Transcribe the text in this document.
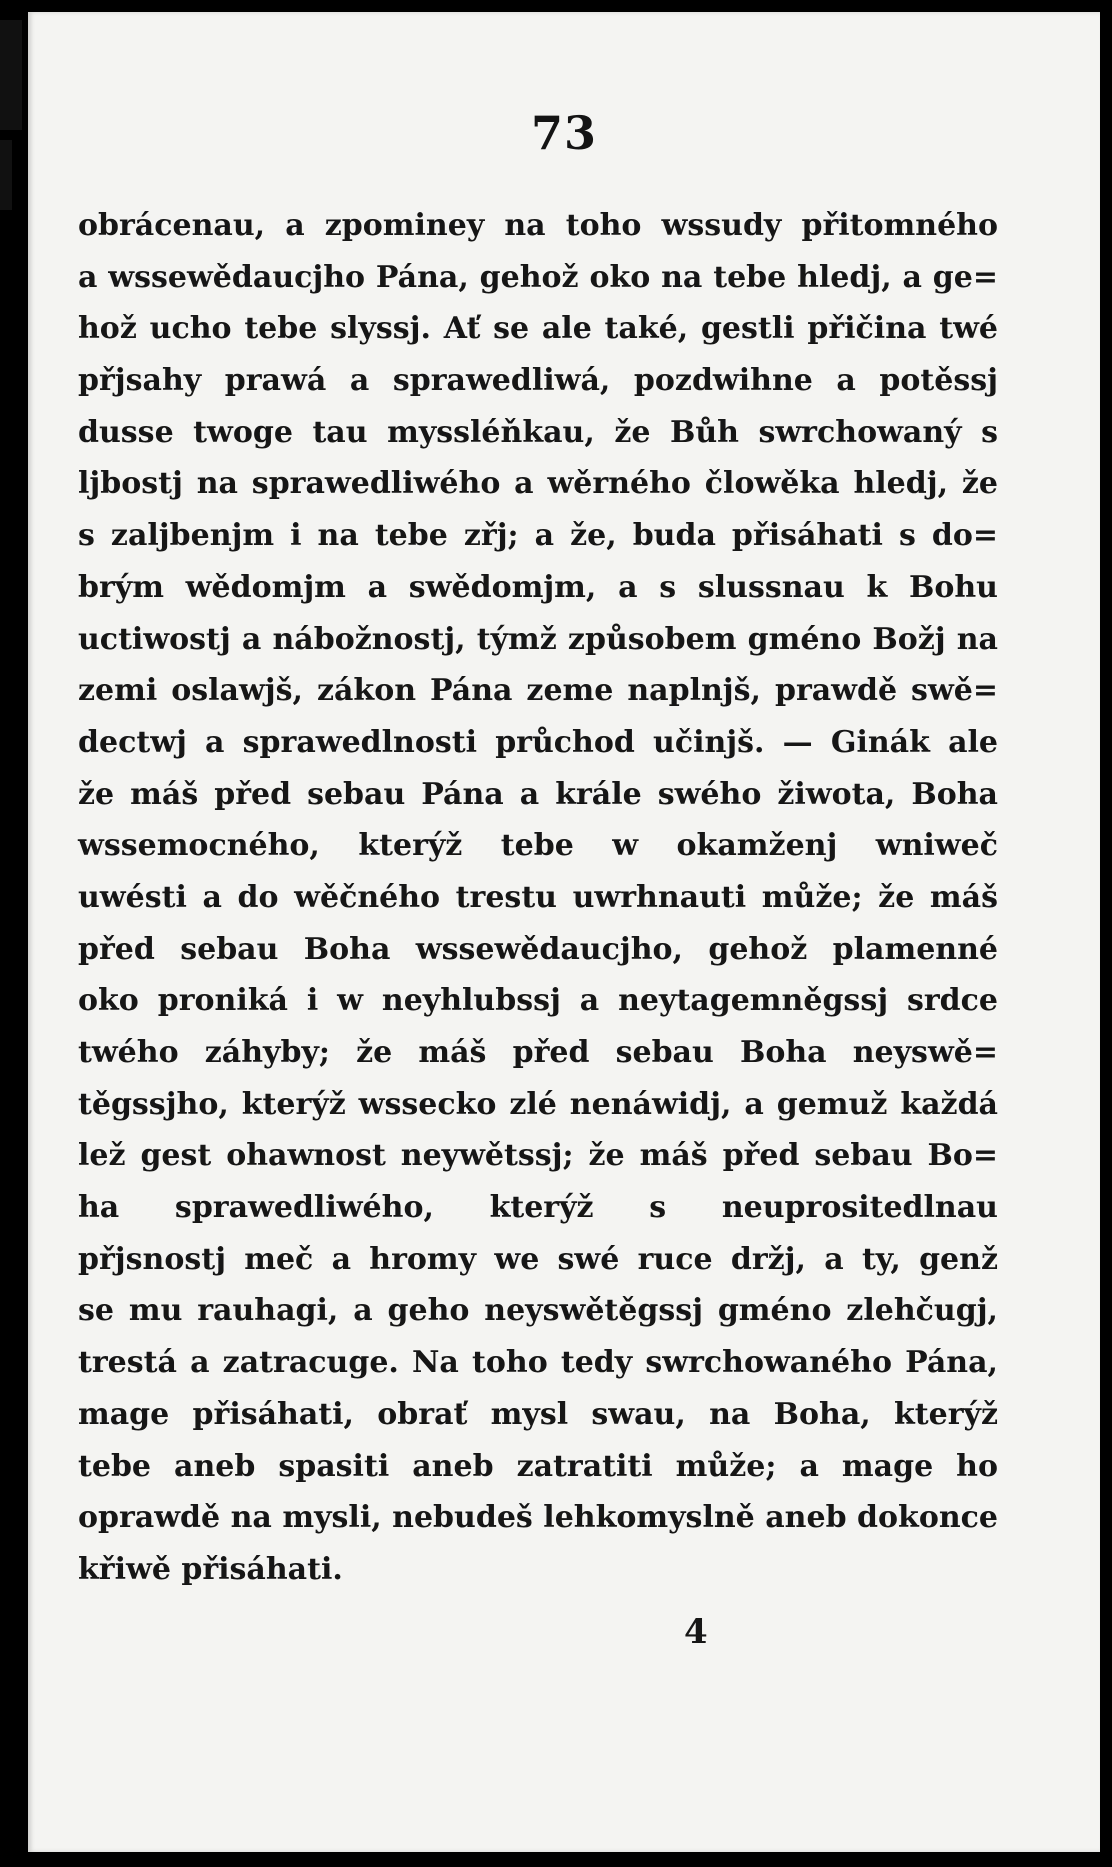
73
obrácenau, a zpominey na toho wssudy přitomného
a wssewědaucjho Pána, gehož oko na tebe hledj, a ge=
hož ucho tebe slyssj. Ať se ale také, gestli přičina twé
přjsahy prawá a sprawedliwá, pozdwihne a potěssj
dusse twoge tau myssléňkau, že Bůh swrchowaný s
ljbostj na sprawedliwého a wěrného člowěka hledj, že
s zaljbenjm i na tebe zřj; a že, buda přisáhati s do=
brým wědomjm a swědomjm, a s slussnau k Bohu
uctiwostj a nábožnostj, týmž způsobem gméno Božj na
zemi oslawjš, zákon Pána zeme naplnjš, prawdě swě=
dectwj a sprawedlnosti průchod učinjš. — Ginák ale
že máš před sebau Pána a krále swého žiwota, Boha
wssemocného, kterýž tebe w okamženj wniweč
uwésti a do wěčného trestu uwrhnauti může; že máš
před sebau Boha wssewědaucjho, gehož plamenné
oko proniká i w neyhlubssj a neytagemněgssj srdce
twého záhyby; že máš před sebau Boha neyswě=
těgssjho, kterýž wssecko zlé nenáwidj, a gemuž každá
lež gest ohawnost neywětssj; že máš před sebau Bo=
ha sprawedliwého, kterýž s neuprositedlnau
přjsnostj meč a hromy we swé ruce držj, a ty, genž
se mu rauhagi, a geho neyswětěgssj gméno zlehčugj,
trestá a zatracuge. Na toho tedy swrchowaného Pána,
mage přisáhati, obrať mysl swau, na Boha, kterýž
tebe aneb spasiti aneb zatratiti může; a mage ho
oprawdě na mysli, nebudeš lehkomyslně aneb dokonce
křiwě přisáhati.
4
